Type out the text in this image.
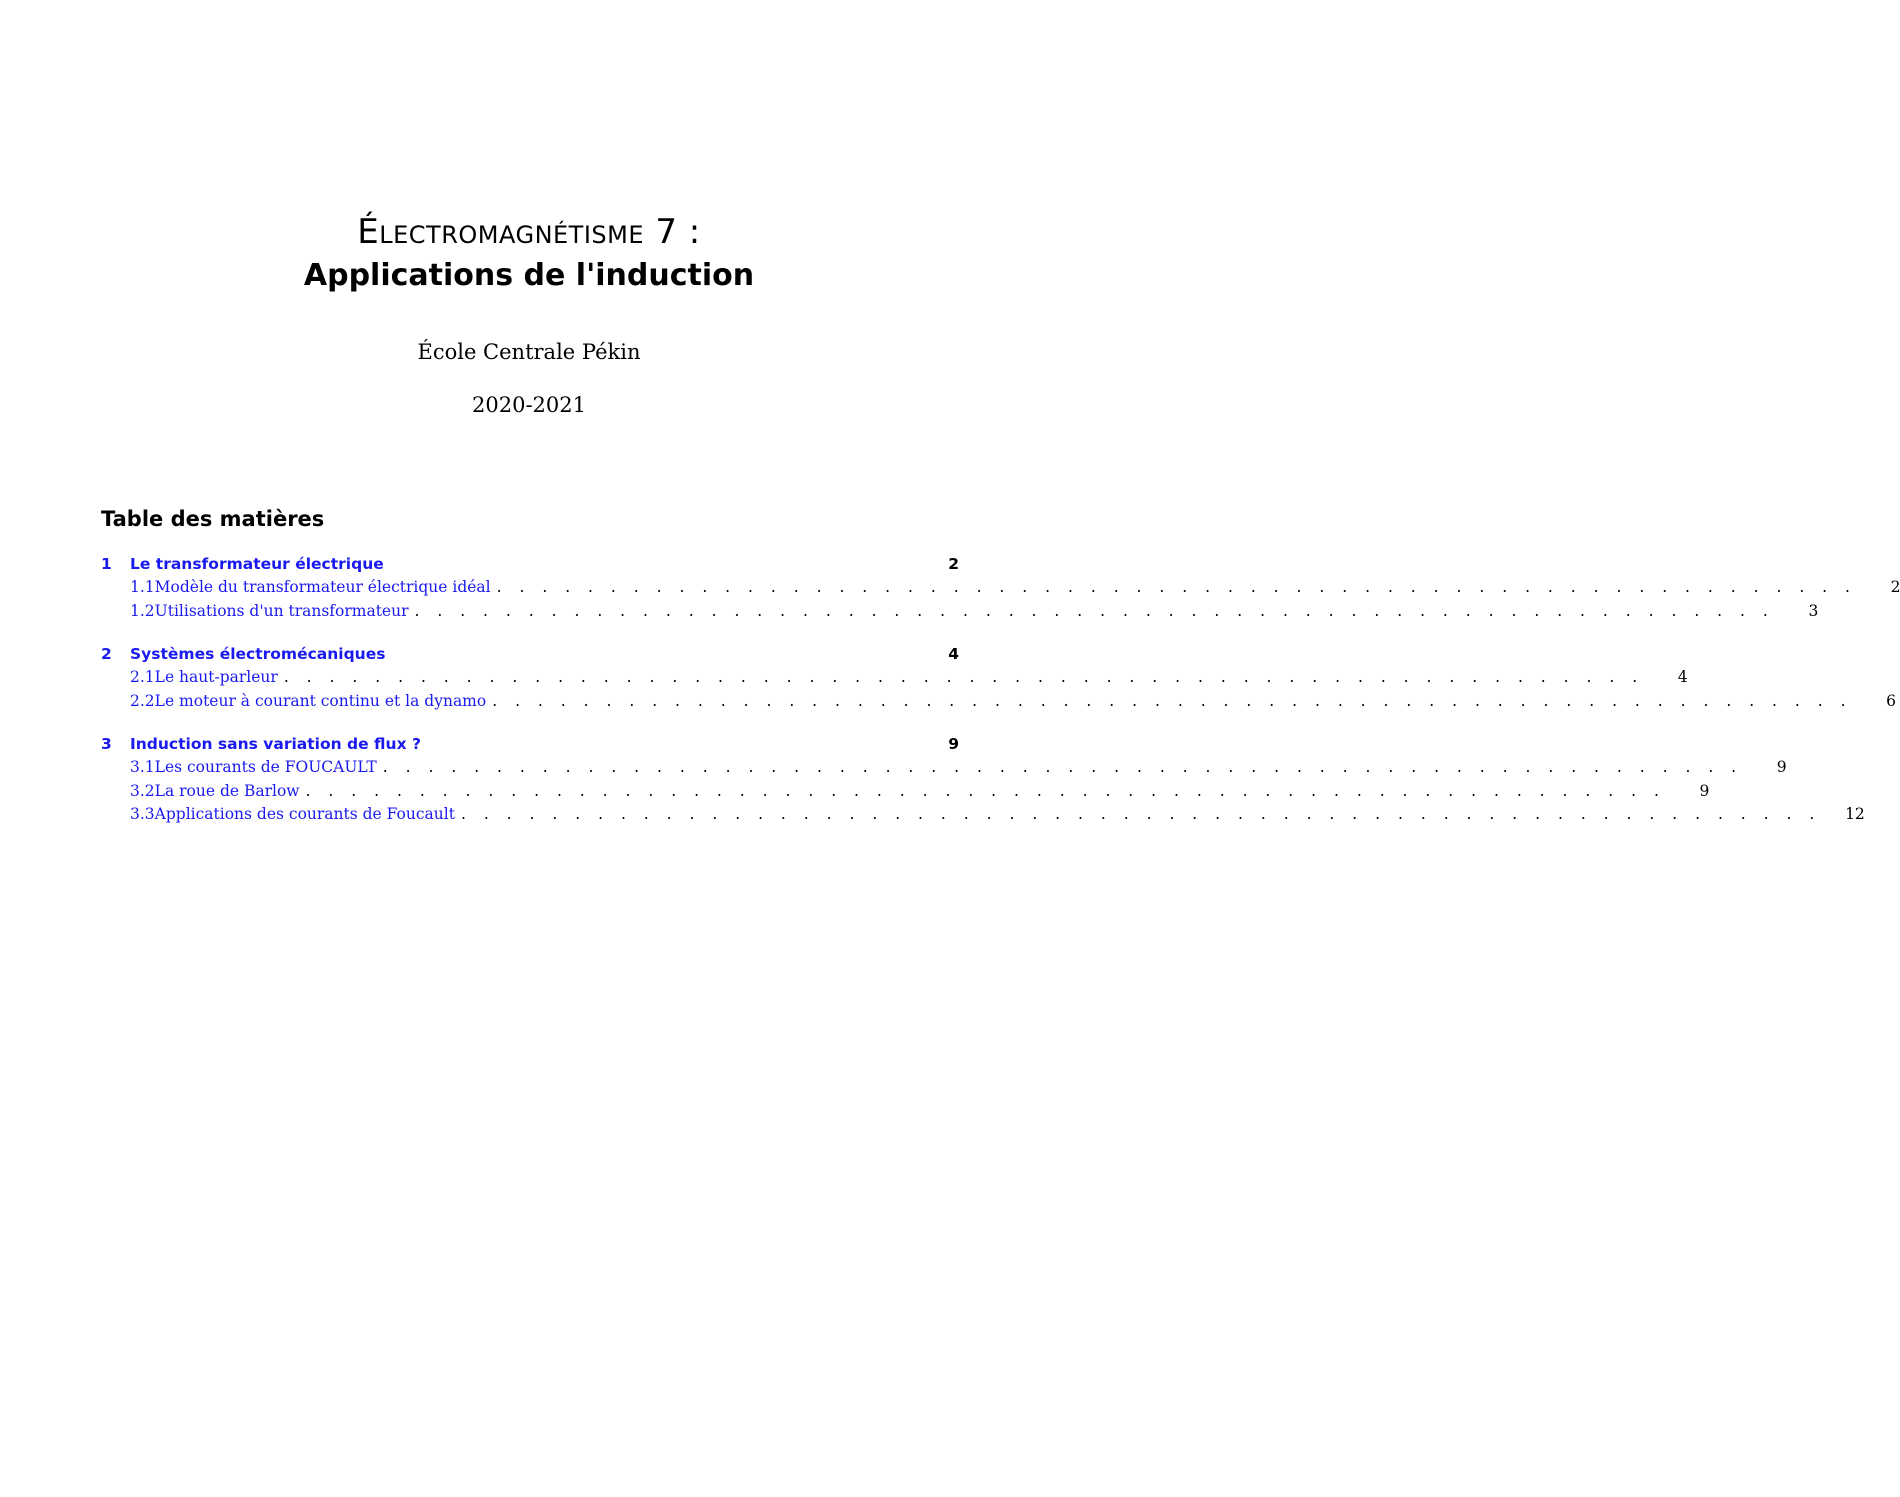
Électromagnétisme 7 :

Applications de l'induction

École Centrale Pékin
2020-2021
Table des matières
1	Le transformateur électrique	2
1.1 Modèle du transformateur électrique idéal . . . . . . . . . . . . . . . . . . . . . . . . . . . . . . . . . . . . . . . . . . . . . . . . . . . . . . . . . . . .	2
1.2 Utilisations d'un transformateur . . . . . . . . . . . . . . . . . . . . . . . . . . . . . . . . . . . . . . . . . . . . . . . . . . . . . . . . . . . .	3
2	Systèmes électromécaniques	4
2.1 Le haut-parleur . . . . . . . . . . . . . . . . . . . . . . . . . . . . . . . . . . . . . . . . . . . . . . . . . . . . . . . . . . . .	4
2.2 Le moteur à courant continu et la dynamo . . . . . . . . . . . . . . . . . . . . . . . . . . . . . . . . . . . . . . . . . . . . . . . . . . . . . . . . . . . .	6
3	Induction sans variation de flux ?	9
3.1 Les courants de FOUCAULT . . . . . . . . . . . . . . . . . . . . . . . . . . . . . . . . . . . . . . . . . . . . . . . . . . . . . . . . . . . .	9
3.2 La roue de Barlow . . . . . . . . . . . . . . . . . . . . . . . . . . . . . . . . . . . . . . . . . . . . . . . . . . . . . . . . . . . .	9
3.3 Applications des courants de Foucault . . . . . . . . . . . . . . . . . . . . . . . . . . . . . . . . . . . . . . . . . . . . . . . . . . . . . . . . . . . . 12
